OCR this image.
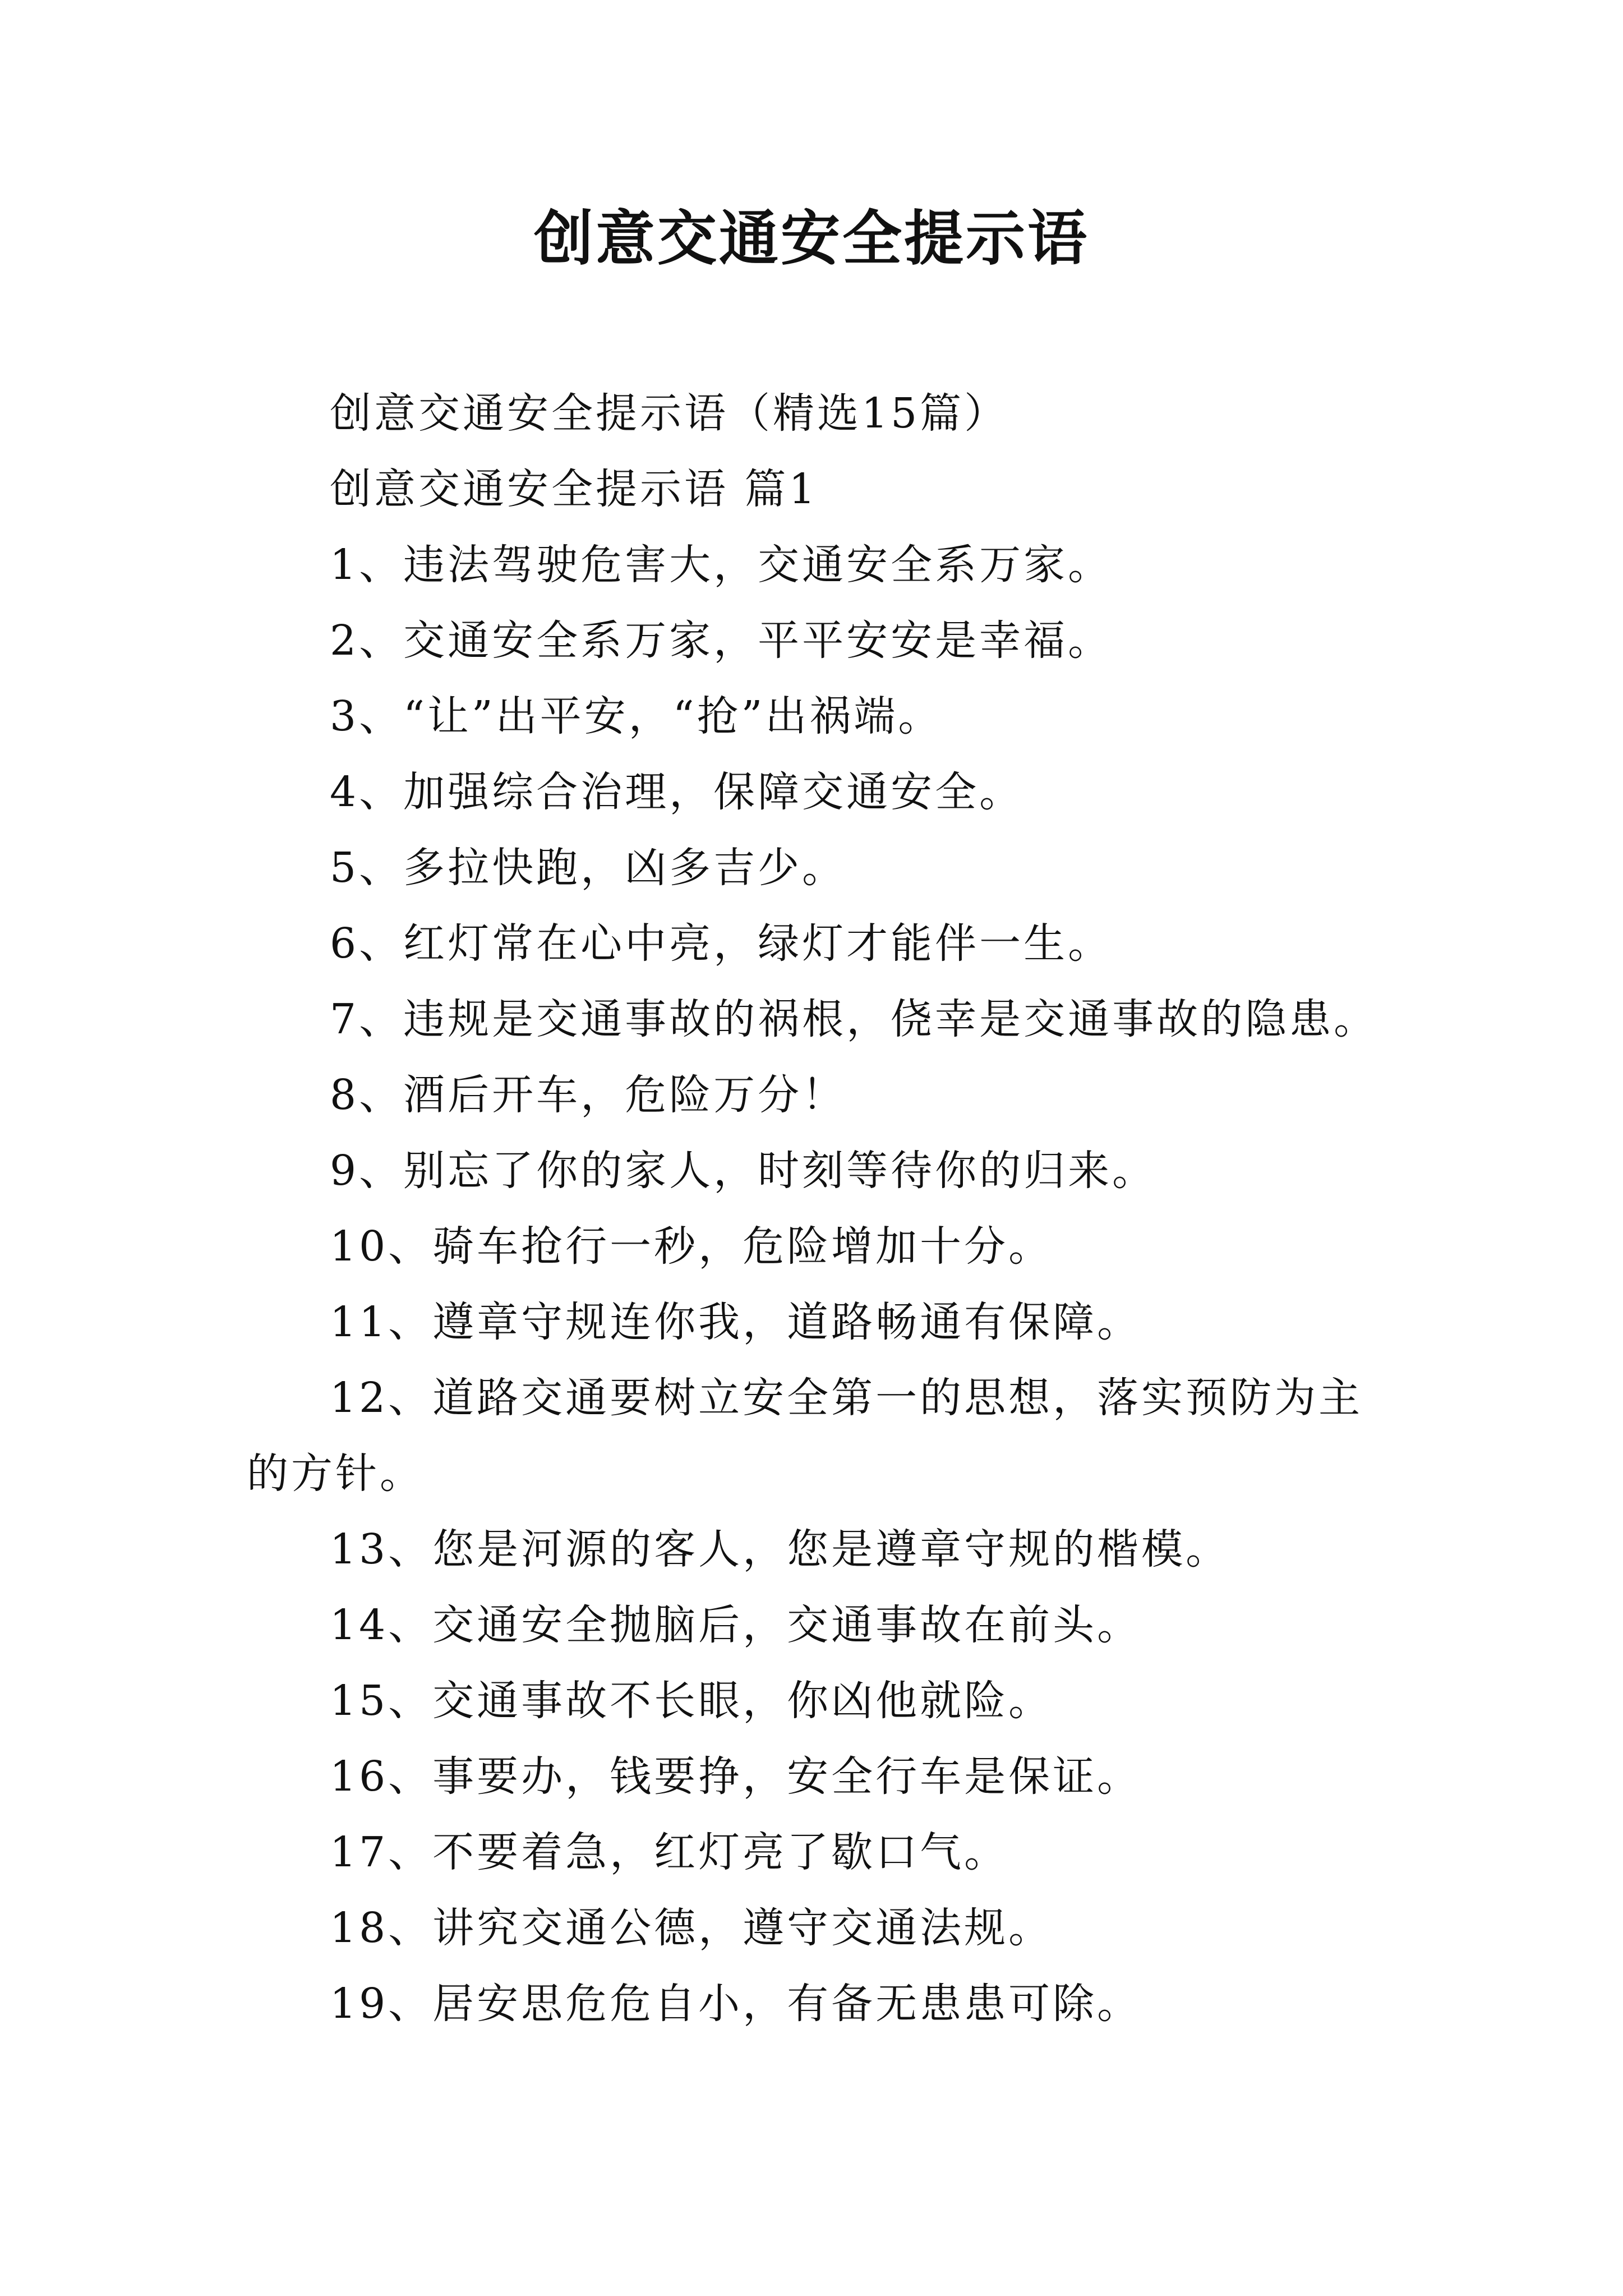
创意交通安全提示语

创意交通安全提示语（精选15篇）

创意交通安全提示语 篇1

1、违法驾驶危害大，交通安全系万家。

2、交通安全系万家，平平安安是幸福。

3、“让”出平安，“抢”出祸端。

4、加强综合治理，保障交通安全。

5、多拉快跑，凶多吉少。

6、红灯常在心中亮，绿灯才能伴一生。

7、违规是交通事故的祸根，侥幸是交通事故的隐患。

8、酒后开车，危险万分！

9、别忘了你的家人，时刻等待你的归来。

10、骑车抢行一秒，危险增加十分。

11、遵章守规连你我，道路畅通有保障。

12、道路交通要树立安全第一的思想，落实预防为主的方针。

13、您是河源的客人，您是遵章守规的楷模。

14、交通安全抛脑后，交通事故在前头。

15、交通事故不长眼，你凶他就险。

16、事要办，钱要挣，安全行车是保证。

17、不要着急，红灯亮了歇口气。

18、讲究交通公德，遵守交通法规。

19、居安思危危自小，有备无患患可除。
